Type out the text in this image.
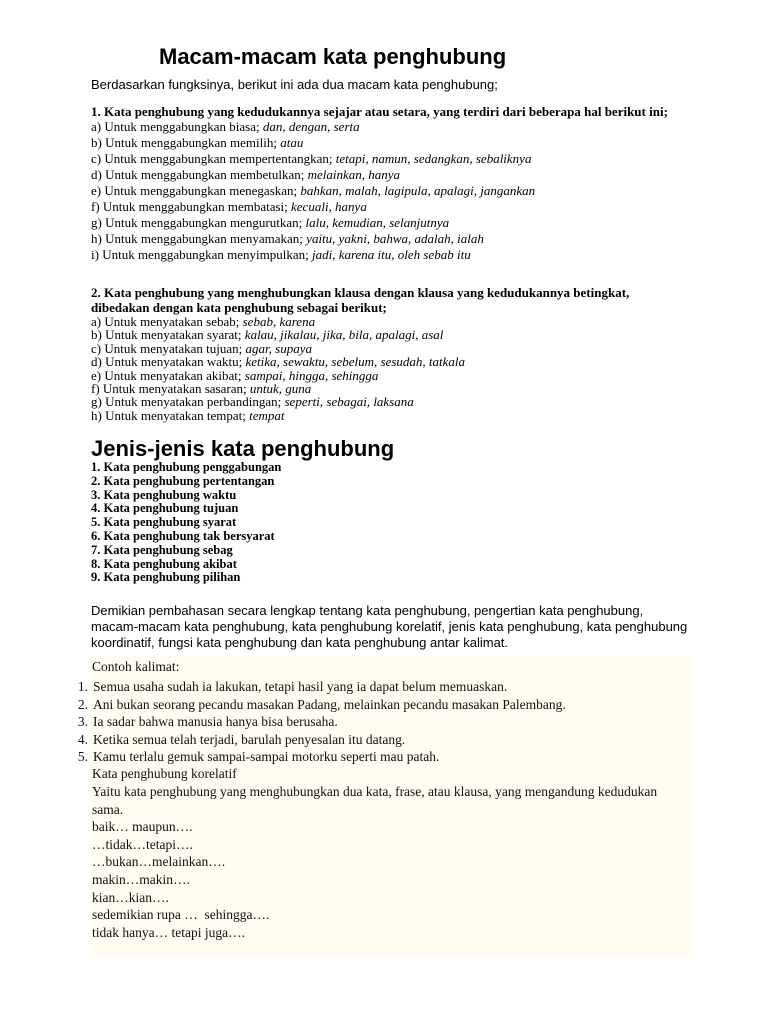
Macam-macam kata penghubung
Berdasarkan fungksinya, berikut ini ada dua macam kata penghubung;
1. Kata penghubung yang kedudukannya sejajar atau setara, yang terdiri dari beberapa hal berikut ini;
a) Untuk menggabungkan biasa; dan, dengan, serta
b) Untuk menggabungkan memilih; atau
c) Untuk menggabungkan mempertentangkan; tetapi, namun, sedangkan, sebaliknya
d) Untuk menggabungkan membetulkan; melainkan, hanya
e) Untuk menggabungkan menegaskan; bahkan, malah, lagipula, apalagi, jangankan
f) Untuk menggabungkan membatasi; kecuali, hanya
g) Untuk menggabungkan mengurutkan; lalu, kemudian, selanjutnya
h) Untuk menggabungkan menyamakan; yaitu, yakni, bahwa, adalah, ialah
i) Untuk menggabungkan menyimpulkan; jadi, karena itu, oleh sebab itu
2. Kata penghubung yang menghubungkan klausa dengan klausa yang kedudukannya betingkat, dibedakan dengan kata penghubung sebagai berikut;
a) Untuk menyatakan sebab; sebab, karena
b) Untuk menyatakan syarat; kalau, jikalau, jika, bila, apalagi, asal
c) Untuk menyatakan tujuan; agar, supaya
d) Untuk menyatakan waktu; ketika, sewaktu, sebelum, sesudah, tatkala
e) Untuk menyatakan akibat; sampai, hingga, sehingga
f) Untuk menyatakan sasaran; untuk, guna
g) Untuk menyatakan perbandingan; seperti, sebagai, laksana
h) Untuk menyatakan tempat; tempat
Jenis-jenis kata penghubung
1. Kata penghubung penggabungan
2. Kata penghubung pertentangan
3. Kata penghubung waktu
4. Kata penghubung tujuan
5. Kata penghubung syarat
6. Kata penghubung tak bersyarat
7. Kata penghubung sebag
8. Kata penghubung akibat
9. Kata penghubung pilihan

Demikian pembahasan secara lengkap tentang kata penghubung, pengertian kata penghubung, macam-macam kata penghubung, kata penghubung korelatif, jenis kata penghubung, kata penghubung koordinatif, fungsi kata penghubung dan kata penghubung antar kalimat.

Contoh kalimat:
1. Semua usaha sudah ia lakukan, tetapi hasil yang ia dapat belum memuaskan.
2. Ani bukan seorang pecandu masakan Padang, melainkan pecandu masakan Palembang.
3. Ia sadar bahwa manusia hanya bisa berusaha.
4. Ketika semua telah terjadi, barulah penyesalan itu datang.
5. Kamu terlalu gemuk sampai-sampai motorku seperti mau patah.
Kata penghubung korelatif

Yaitu kata penghubung yang menghubungkan dua kata, frase, atau klausa, yang mengandung kedudukan sama.

baik… maupun….
…tidak…tetapi….
…bukan…melainkan….
makin…makin….
kian…kian….
sedemikian rupa …  sehingga….
tidak hanya… tetapi juga….
